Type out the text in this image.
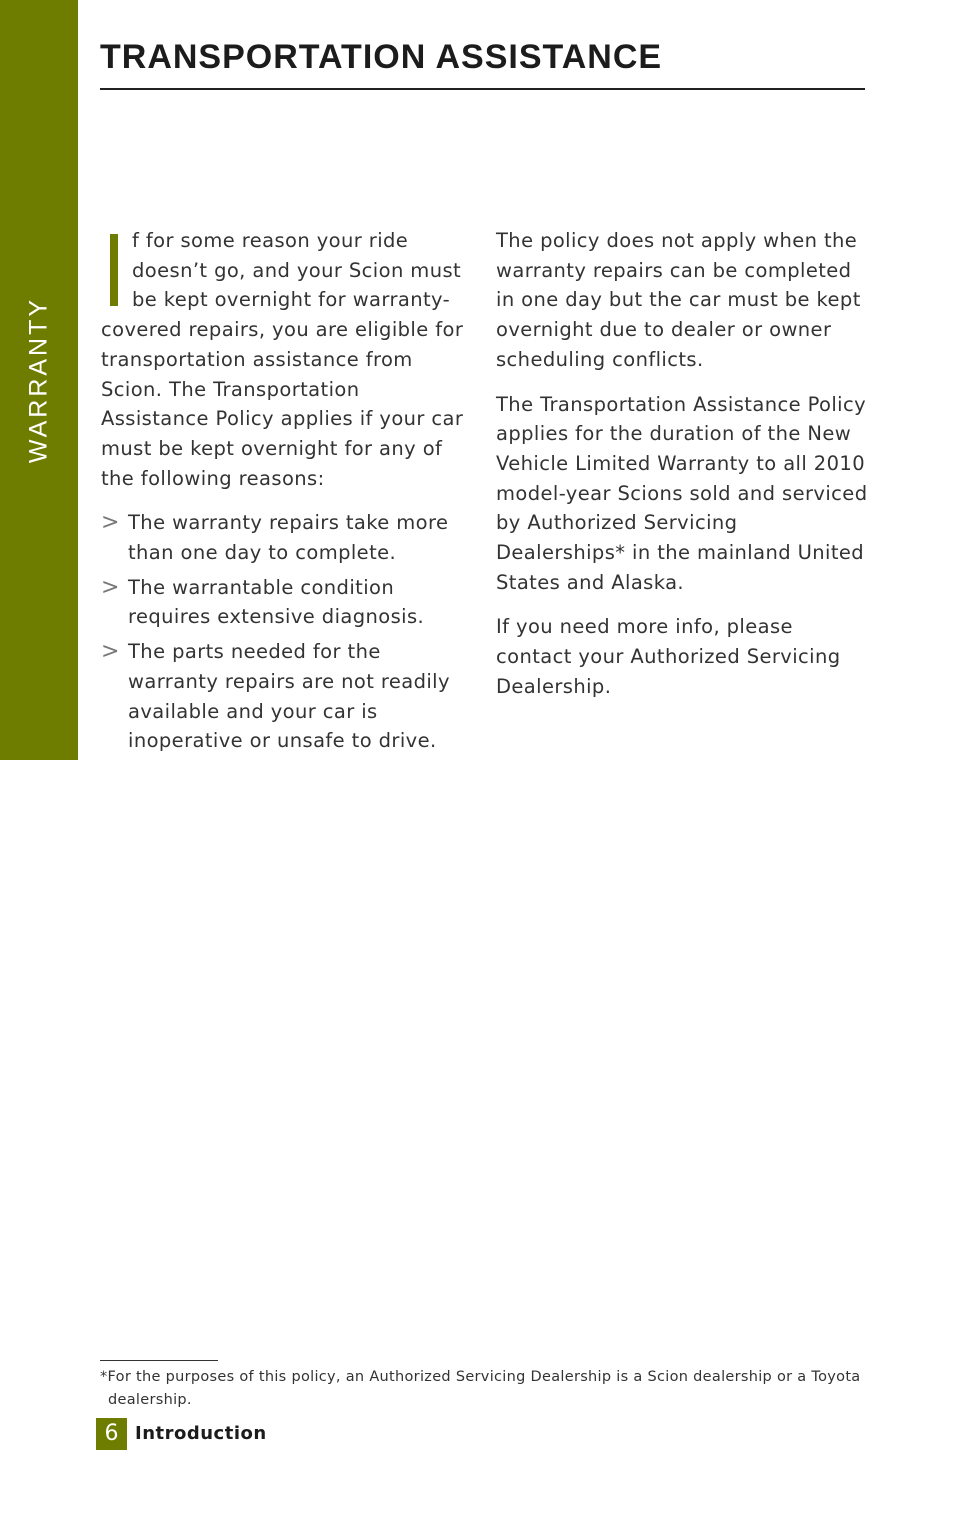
WARRANTY
TRANSPORTATION ASSISTANCE

f for some reason your ride doesn’t go, and your Scion must be kept overnight for warranty-covered repairs, you are eligible for transportation assistance from Scion. The Transportation Assistance Policy applies if your car must be kept overnight for any of the following reasons:

> The warranty repairs take more than one day to complete.
> The warrantable condition requires extensive diagnosis.
> The parts needed for the warranty repairs are not readily available and your car is inoperative or unsafe to drive.

The policy does not apply when the warranty repairs can be completed in one day but the car must be kept overnight due to dealer or owner scheduling conflicts.

The Transportation Assistance Policy applies for the duration of the New Vehicle Limited Warranty to all 2010 model-year Scions sold and serviced by Authorized Servicing Dealerships* in the mainland United States and Alaska.

If you need more info, please contact your Authorized Servicing Dealership.

*For the purposes of this policy, an Authorized Servicing Dealership is a Scion dealership or a Toyota
dealership.
6 Introduction
